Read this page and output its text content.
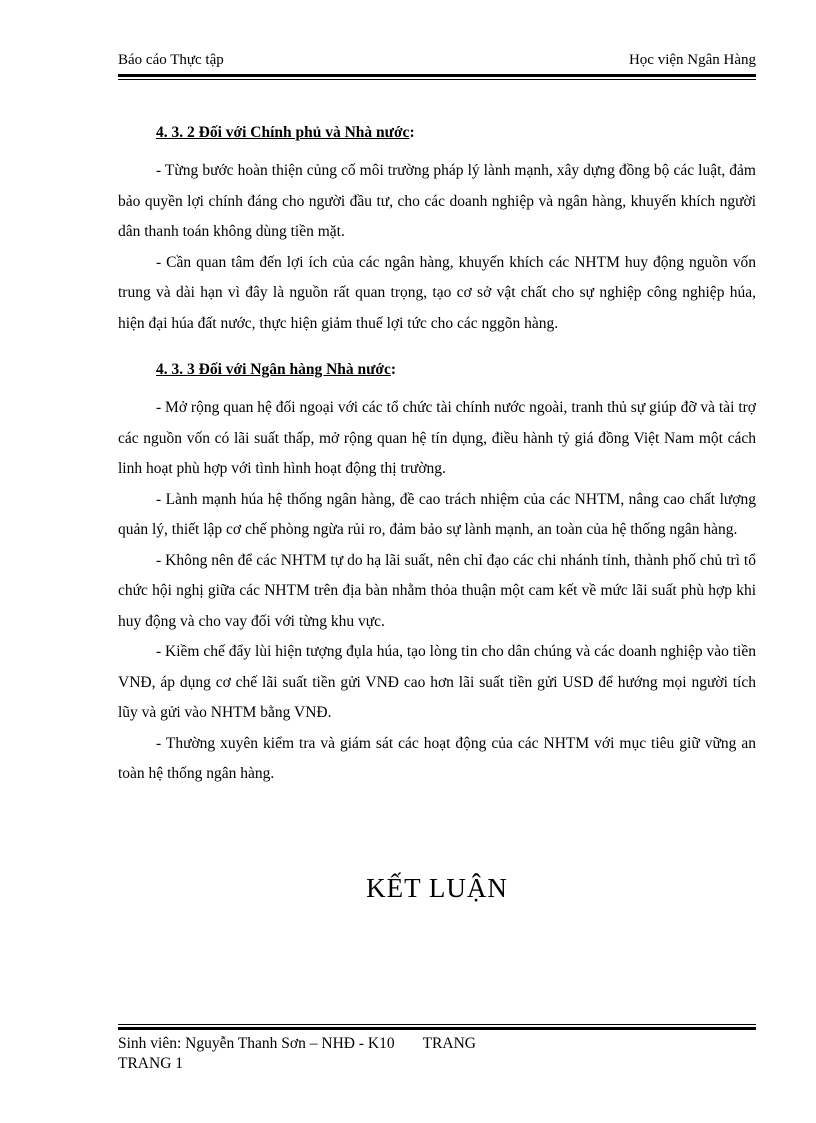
Báo cáo Thực tập	Học viện Ngân Hàng
4. 3. 2 Đối với Chính phủ và Nhà nước:

- Từng bước hoàn thiện củng cố môi trường pháp lý lành mạnh, xây dựng đồng bộ các luật, đảm bảo quyền lợi chính đáng cho người đầu tư, cho các doanh nghiệp và ngân hàng, khuyến khích người dân thanh toán không dùng tiền mặt.

- Cần quan tâm đến lợi ích của các ngân hàng, khuyến khích các NHTM huy động nguồn vốn trung và dài hạn vì đây là nguồn rất quan trọng, tạo cơ sở vật chất cho sự nghiệp công nghiệp húa, hiện đại húa đất nước, thực hiện giảm thuế lợi tức cho các nggõn hàng.

4. 3. 3 Đối với Ngân hàng Nhà nước:

- Mở rộng quan hệ đối ngoại với các tổ chức tài chính nước ngoài, tranh thủ sự giúp đỡ và tài trợ các nguồn vốn có lãi suất thấp, mở rộng quan hệ tín dụng, điều hành tỷ giá đồng Việt Nam một cách linh hoạt phù hợp với tình hình hoạt động thị trường.

- Lành mạnh húa hệ thống ngân hàng, đề cao trách nhiệm của các NHTM, nâng cao chất lượng quản lý, thiết lập cơ chế phòng ngừa rủi ro, đảm bảo sự lành mạnh, an toàn của hệ thống ngân hàng.

- Không nên để các NHTM tự do hạ lãi suất, nên chỉ đạo các chi nhánh tỉnh, thành phố chủ trì tổ chức hội nghị giữa các NHTM trên địa bàn nhằm thỏa thuận một cam kết về mức lãi suất phù hợp khi huy động và cho vay đối với từng khu vực.

- Kiềm chế đẩy lùi hiện tượng đụla húa, tạo lòng tin cho dân chúng và các doanh nghiệp vào tiền VNĐ, áp dụng cơ chế lãi suất tiền gửi VNĐ cao hơn lãi suất tiền gửi USD để hướng mọi người tích lũy và gửi vào NHTM bằng VNĐ.

- Thường xuyên kiểm tra và giám sát các hoạt động của các NHTM với mục tiêu giữ vững an toàn hệ thống ngân hàng.

KẾT LUẬN
Sinh viên: Nguyễn Thanh Sơn – NHĐ - K10 TRANG
TRANG 1
